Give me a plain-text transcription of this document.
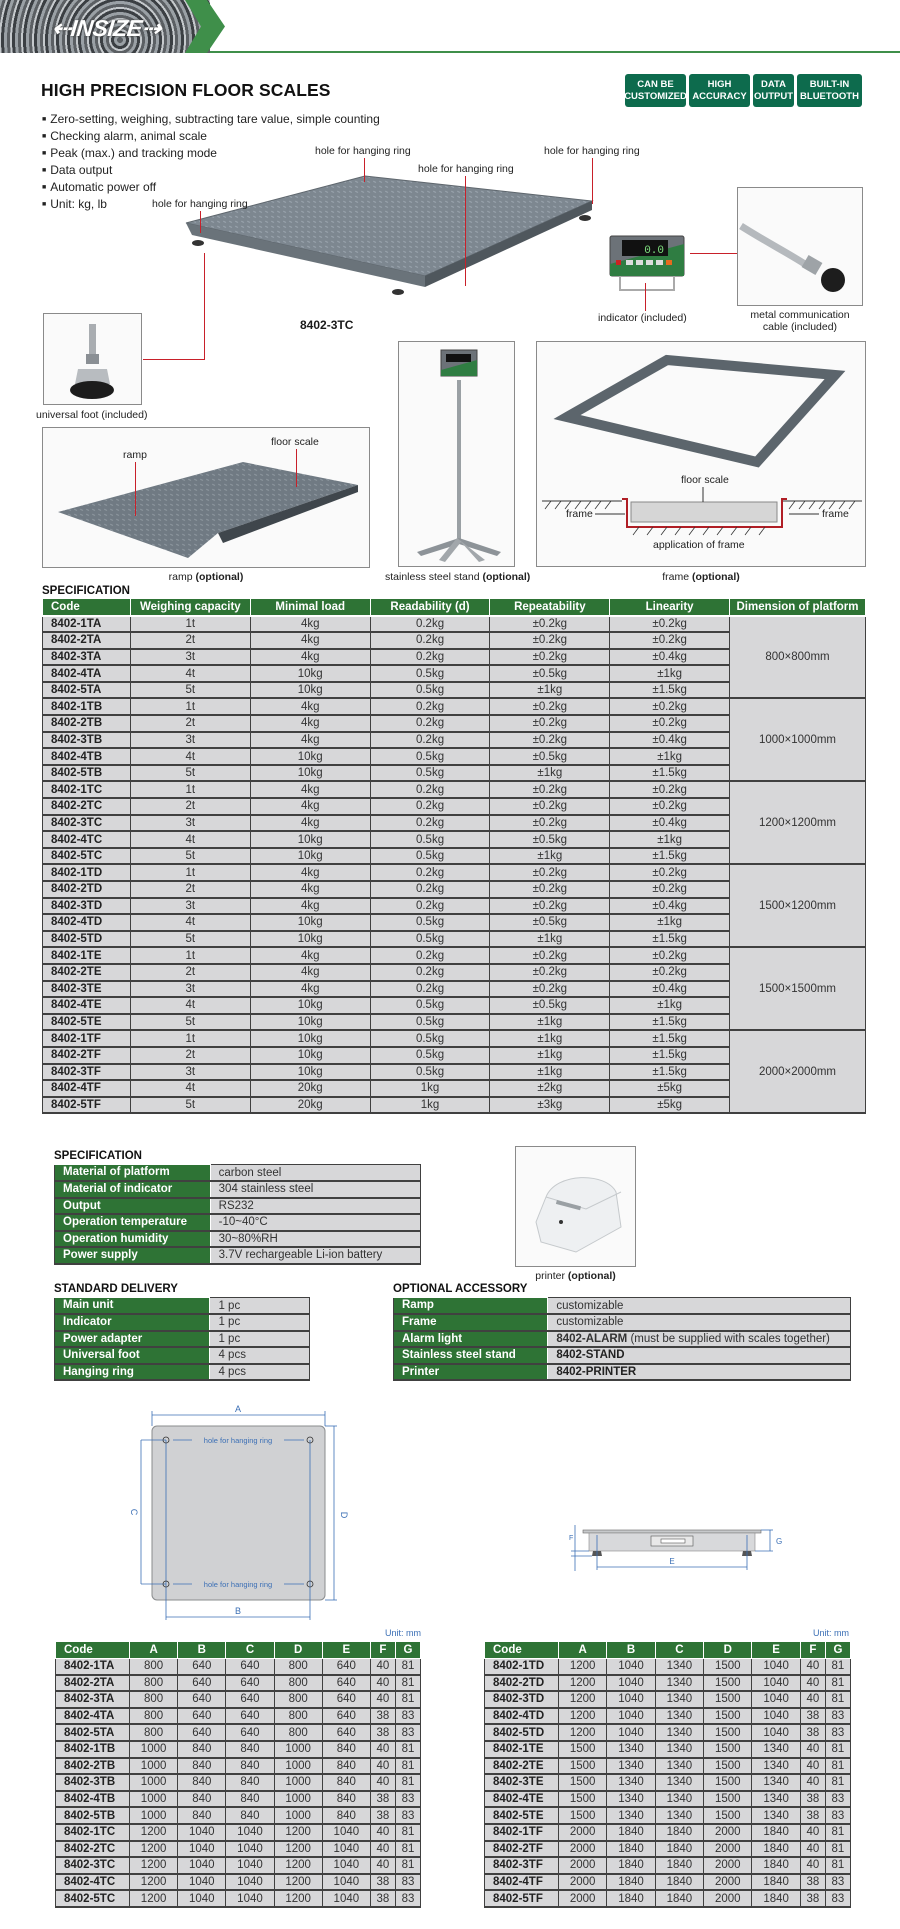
⇠INSIZE⇢
HIGH PRECISION FLOOR SCALES	CAN BE
CUSTOMIZED
HIGH
ACCURACY
DATA
OUTPUT
BUILT-IN
BLUETOOTH
■ Zero-setting, weighing, subtracting tare value, simple counting
■ Checking alarm, animal scale
■ Peak (max.) and tracking mode
■ Data output
■ Automatic power off
■ Unit: kg, lb
hole for hanging ring
hole for hanging ring
hole for hanging ring
hole for hanging ring
8402-3TC
0.0
indicator (included)	metal communication
cable (included)
universal foot (included)
ramp
floor scale
ramp (optional)	stainless steel stand (optional)
floor scale
frame	frame
application of frame
frame (optional)
SPECIFICATION
Code	Weighing capacity	Minimal load	Readability (d)	Repeatability	Linearity	Dimension of platform
8402-1TA	1t	4kg	0.2kg	±0.2kg	±0.2kg	800×800mm
8402-2TA	2t	4kg	0.2kg	±0.2kg	±0.2kg	
8402-3TA	3t	4kg	0.2kg	±0.2kg	±0.4kg	
8402-4TA	4t	10kg	0.5kg	±0.5kg	±1kg	
8402-5TA	5t	10kg	0.5kg	±1kg	±1.5kg	
8402-1TB	1t	4kg	0.2kg	±0.2kg	±0.2kg	1000×1000mm
8402-2TB	2t	4kg	0.2kg	±0.2kg	±0.2kg	
8402-3TB	3t	4kg	0.2kg	±0.2kg	±0.4kg	
8402-4TB	4t	10kg	0.5kg	±0.5kg	±1kg	
8402-5TB	5t	10kg	0.5kg	±1kg	±1.5kg	
8402-1TC	1t	4kg	0.2kg	±0.2kg	±0.2kg	1200×1200mm
8402-2TC	2t	4kg	0.2kg	±0.2kg	±0.2kg	
8402-3TC	3t	4kg	0.2kg	±0.2kg	±0.4kg	
8402-4TC	4t	10kg	0.5kg	±0.5kg	±1kg	
8402-5TC	5t	10kg	0.5kg	±1kg	±1.5kg	
8402-1TD	1t	4kg	0.2kg	±0.2kg	±0.2kg	1500×1200mm
8402-2TD	2t	4kg	0.2kg	±0.2kg	±0.2kg	
8402-3TD	3t	4kg	0.2kg	±0.2kg	±0.4kg	
8402-4TD	4t	10kg	0.5kg	±0.5kg	±1kg	
8402-5TD	5t	10kg	0.5kg	±1kg	±1.5kg	
8402-1TE	1t	4kg	0.2kg	±0.2kg	±0.2kg	1500×1500mm
8402-2TE	2t	4kg	0.2kg	±0.2kg	±0.2kg	
8402-3TE	3t	4kg	0.2kg	±0.2kg	±0.4kg	
8402-4TE	4t	10kg	0.5kg	±0.5kg	±1kg	
8402-5TE	5t	10kg	0.5kg	±1kg	±1.5kg	
8402-1TF	1t	10kg	0.5kg	±1kg	±1.5kg	2000×2000mm
8402-2TF	2t	10kg	0.5kg	±1kg	±1.5kg	
8402-3TF	3t	10kg	0.5kg	±1kg	±1.5kg	
8402-4TF	4t	20kg	1kg	±2kg	±5kg	
8402-5TF	5t	20kg	1kg	±3kg	±5kg	
SPECIFICATION
Material of platform	carbon steel
Material of indicator	304 stainless steel
Output	RS232
Operation temperature	-10~40°C
Operation humidity	30~80%RH
Power supply	3.7V rechargeable Li-ion battery
printer (optional)
STANDARD DELIVERY
Main unit	1 pc
Indicator	1 pc
Power adapter	1 pc
Universal foot	4 pcs
Hanging ring	4 pcs
OPTIONAL ACCESSORY
Ramp	customizable
Frame	customizable
Alarm light	8402-ALARM (must be supplied with scales together)
Stainless steel stand	8402-STAND
Printer	8402-PRINTER
A
B
C	D
hole for hanging ring
hole for hanging ring
E
F	G
Unit: mm	Unit: mm
Code	A	B	C	D	E	F	G
8402-1TA	800	640	640	800	640	40	81
8402-2TA	800	640	640	800	640	40	81
8402-3TA	800	640	640	800	640	40	81
8402-4TA	800	640	640	800	640	38	83
8402-5TA	800	640	640	800	640	38	83
8402-1TB	1000	840	840	1000	840	40	81
8402-2TB	1000	840	840	1000	840	40	81
8402-3TB	1000	840	840	1000	840	40	81
8402-4TB	1000	840	840	1000	840	38	83
8402-5TB	1000	840	840	1000	840	38	83
8402-1TC	1200	1040	1040	1200	1040	40	81
8402-2TC	1200	1040	1040	1200	1040	40	81
8402-3TC	1200	1040	1040	1200	1040	40	81
8402-4TC	1200	1040	1040	1200	1040	38	83
8402-5TC	1200	1040	1040	1200	1040	38	83
Code	A	B	C	D	E	F	G
8402-1TD	1200	1040	1340	1500	1040	40	81
8402-2TD	1200	1040	1340	1500	1040	40	81
8402-3TD	1200	1040	1340	1500	1040	40	81
8402-4TD	1200	1040	1340	1500	1040	38	83
8402-5TD	1200	1040	1340	1500	1040	38	83
8402-1TE	1500	1340	1340	1500	1340	40	81
8402-2TE	1500	1340	1340	1500	1340	40	81
8402-3TE	1500	1340	1340	1500	1340	40	81
8402-4TE	1500	1340	1340	1500	1340	38	83
8402-5TE	1500	1340	1340	1500	1340	38	83
8402-1TF	2000	1840	1840	2000	1840	40	81
8402-2TF	2000	1840	1840	2000	1840	40	81
8402-3TF	2000	1840	1840	2000	1840	40	81
8402-4TF	2000	1840	1840	2000	1840	38	83
8402-5TF	2000	1840	1840	2000	1840	38	83
